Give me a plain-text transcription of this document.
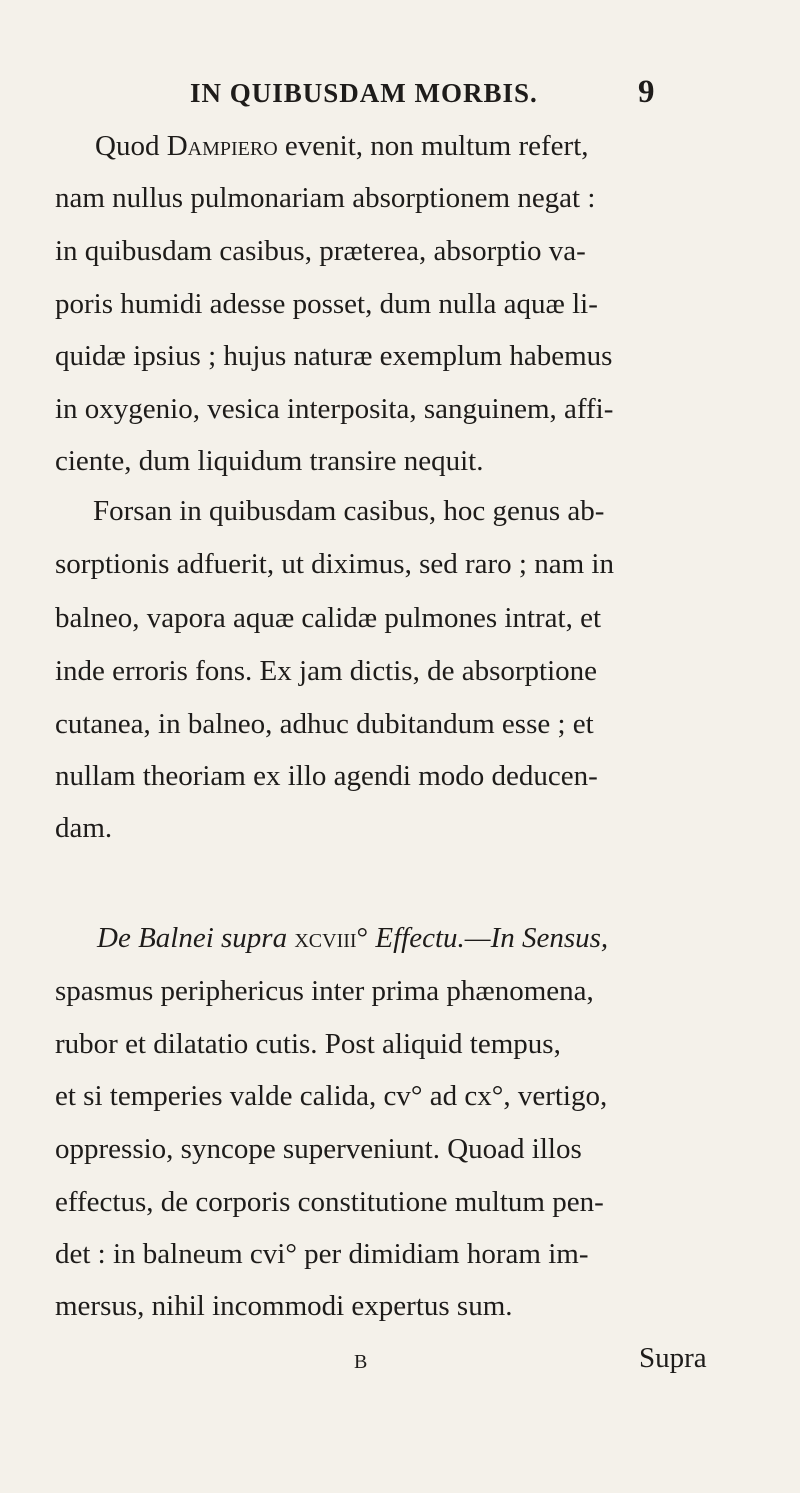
IN QUIBUSDAM MORBIS.	9
Quod Dampiero evenit, non multum refert,
nam nullus pulmonariam absorptionem negat :
in quibusdam casibus, præterea, absorptio va-
poris humidi adesse posset, dum nulla aquæ li-
quidæ ipsius ; hujus naturæ exemplum habemus
in oxygenio, vesica interposita, sanguinem, affi-
ciente, dum liquidum transire nequit.
Forsan in quibusdam casibus, hoc genus ab-
sorptionis adfuerit, ut diximus, sed raro ; nam in
balneo, vapora aquæ calidæ pulmones intrat, et
inde erroris fons. Ex jam dictis, de absorptione
cutanea, in balneo, adhuc dubitandum esse ; et
nullam theoriam ex illo agendi modo deducen-
dam.
De Balnei supra xcviii° Effectu.—In Sensus,
spasmus periphericus inter prima phænomena,
rubor et dilatatio cutis. Post aliquid tempus,
et si temperies valde calida, cv° ad cx°, vertigo,
oppressio, syncope superveniunt. Quoad illos
effectus, de corporis constitutione multum pen-
det : in balneum cvi° per dimidiam horam im-
mersus, nihil incommodi expertus sum.
B	Supra
